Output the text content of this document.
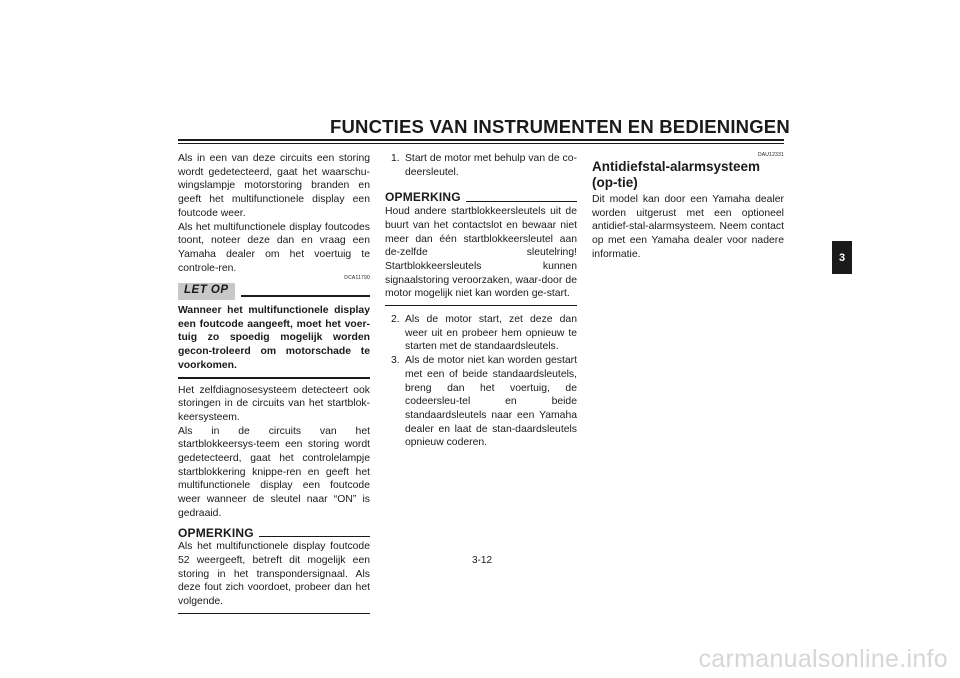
FUNCTIES VAN INSTRUMENTEN EN BEDIENINGEN

Als in een van deze circuits een storing wordt gedetecteerd, gaat het waarschu-wingslampje motorstoring branden en geeft het multifunctionele display een foutcode weer.

Als het multifunctionele display foutcodes toont, noteer deze dan en vraag een Yamaha dealer om het voertuig te controle-ren.

DCA11790
LET OP

Wanneer het multifunctionele display een foutcode aangeeft, moet het voer-tuig zo spoedig mogelijk worden gecon-troleerd om motorschade te voorkomen.

Het zelfdiagnosesysteem detecteert ook storingen in de circuits van het startblok-keersysteem.

Als in de circuits van het startblokkeersys-teem een storing wordt gedetecteerd, gaat het controlelampje startblokkering knippe-ren en geeft het multifunctionele display een foutcode weer wanneer de sleutel naar “ON” is gedraaid.

OPMERKING

Als het multifunctionele display foutcode 52 weergeeft, betreft dit mogelijk een storing in het transpondersignaal. Als deze fout zich voordoet, probeer dan het volgende.

1. Start de motor met behulp van de co-deersleutel.
OPMERKING

Houd andere startblokkeersleutels uit de buurt van het contactslot en bewaar niet meer dan één startblokkeersleutel aan de-zelfde sleutelring! Startblokkeersleutels kunnen signaalstoring veroorzaken, waar-door de motor mogelijk niet kan worden ge-start.

2. Als de motor start, zet deze dan weer uit en probeer hem opnieuw te starten met de standaardsleutels.
3. Als de motor niet kan worden gestart met een of beide standaardsleutels, breng dan het voertuig, de codeersleu-tel en beide standaardsleutels naar een Yamaha dealer en laat de stan-daardsleutels opnieuw coderen.
DAU12331
Antidiefstal-alarmsysteem (op-tie)

Dit model kan door een Yamaha dealer worden uitgerust met een optioneel antidief-stal-alarmsysteem. Neem contact op met een Yamaha dealer voor nadere informatie.	3
3-12
carmanualsonline.info
